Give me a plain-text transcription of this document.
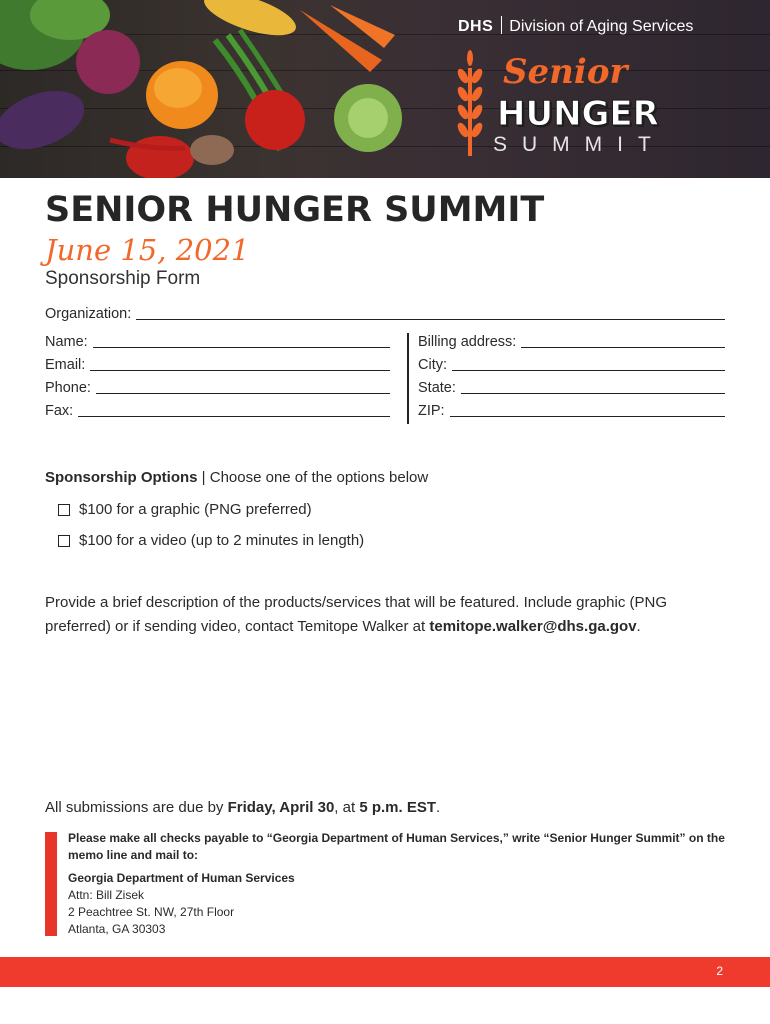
DHS Division of Aging Services
Senior
HUNGER
SUMMIT
SENIOR HUNGER SUMMIT
June 15, 2021
Sponsorship Form
Organization:
Name:
Email:
Phone:
Fax:
Billing address:
City:
State:
ZIP:
Sponsorship Options | Choose one of the options below
$100 for a graphic (PNG preferred)
$100 for a video (up to 2 minutes in length)
Provide a brief description of the products/services that will be featured. Include graphic (PNG preferred) or if sending video, contact Temitope Walker at temitope.walker@dhs.ga.gov.
All submissions are due by Friday, April 30, at 5 p.m. EST.

Please make all checks payable to “Georgia Department of Human Services,” write “Senior Hunger Summit” on the memo line and mail to:

Georgia Department of Human Services
Attn: Bill Zisek
2 Peachtree St. NW, 27th Floor
Atlanta, GA 30303
2
